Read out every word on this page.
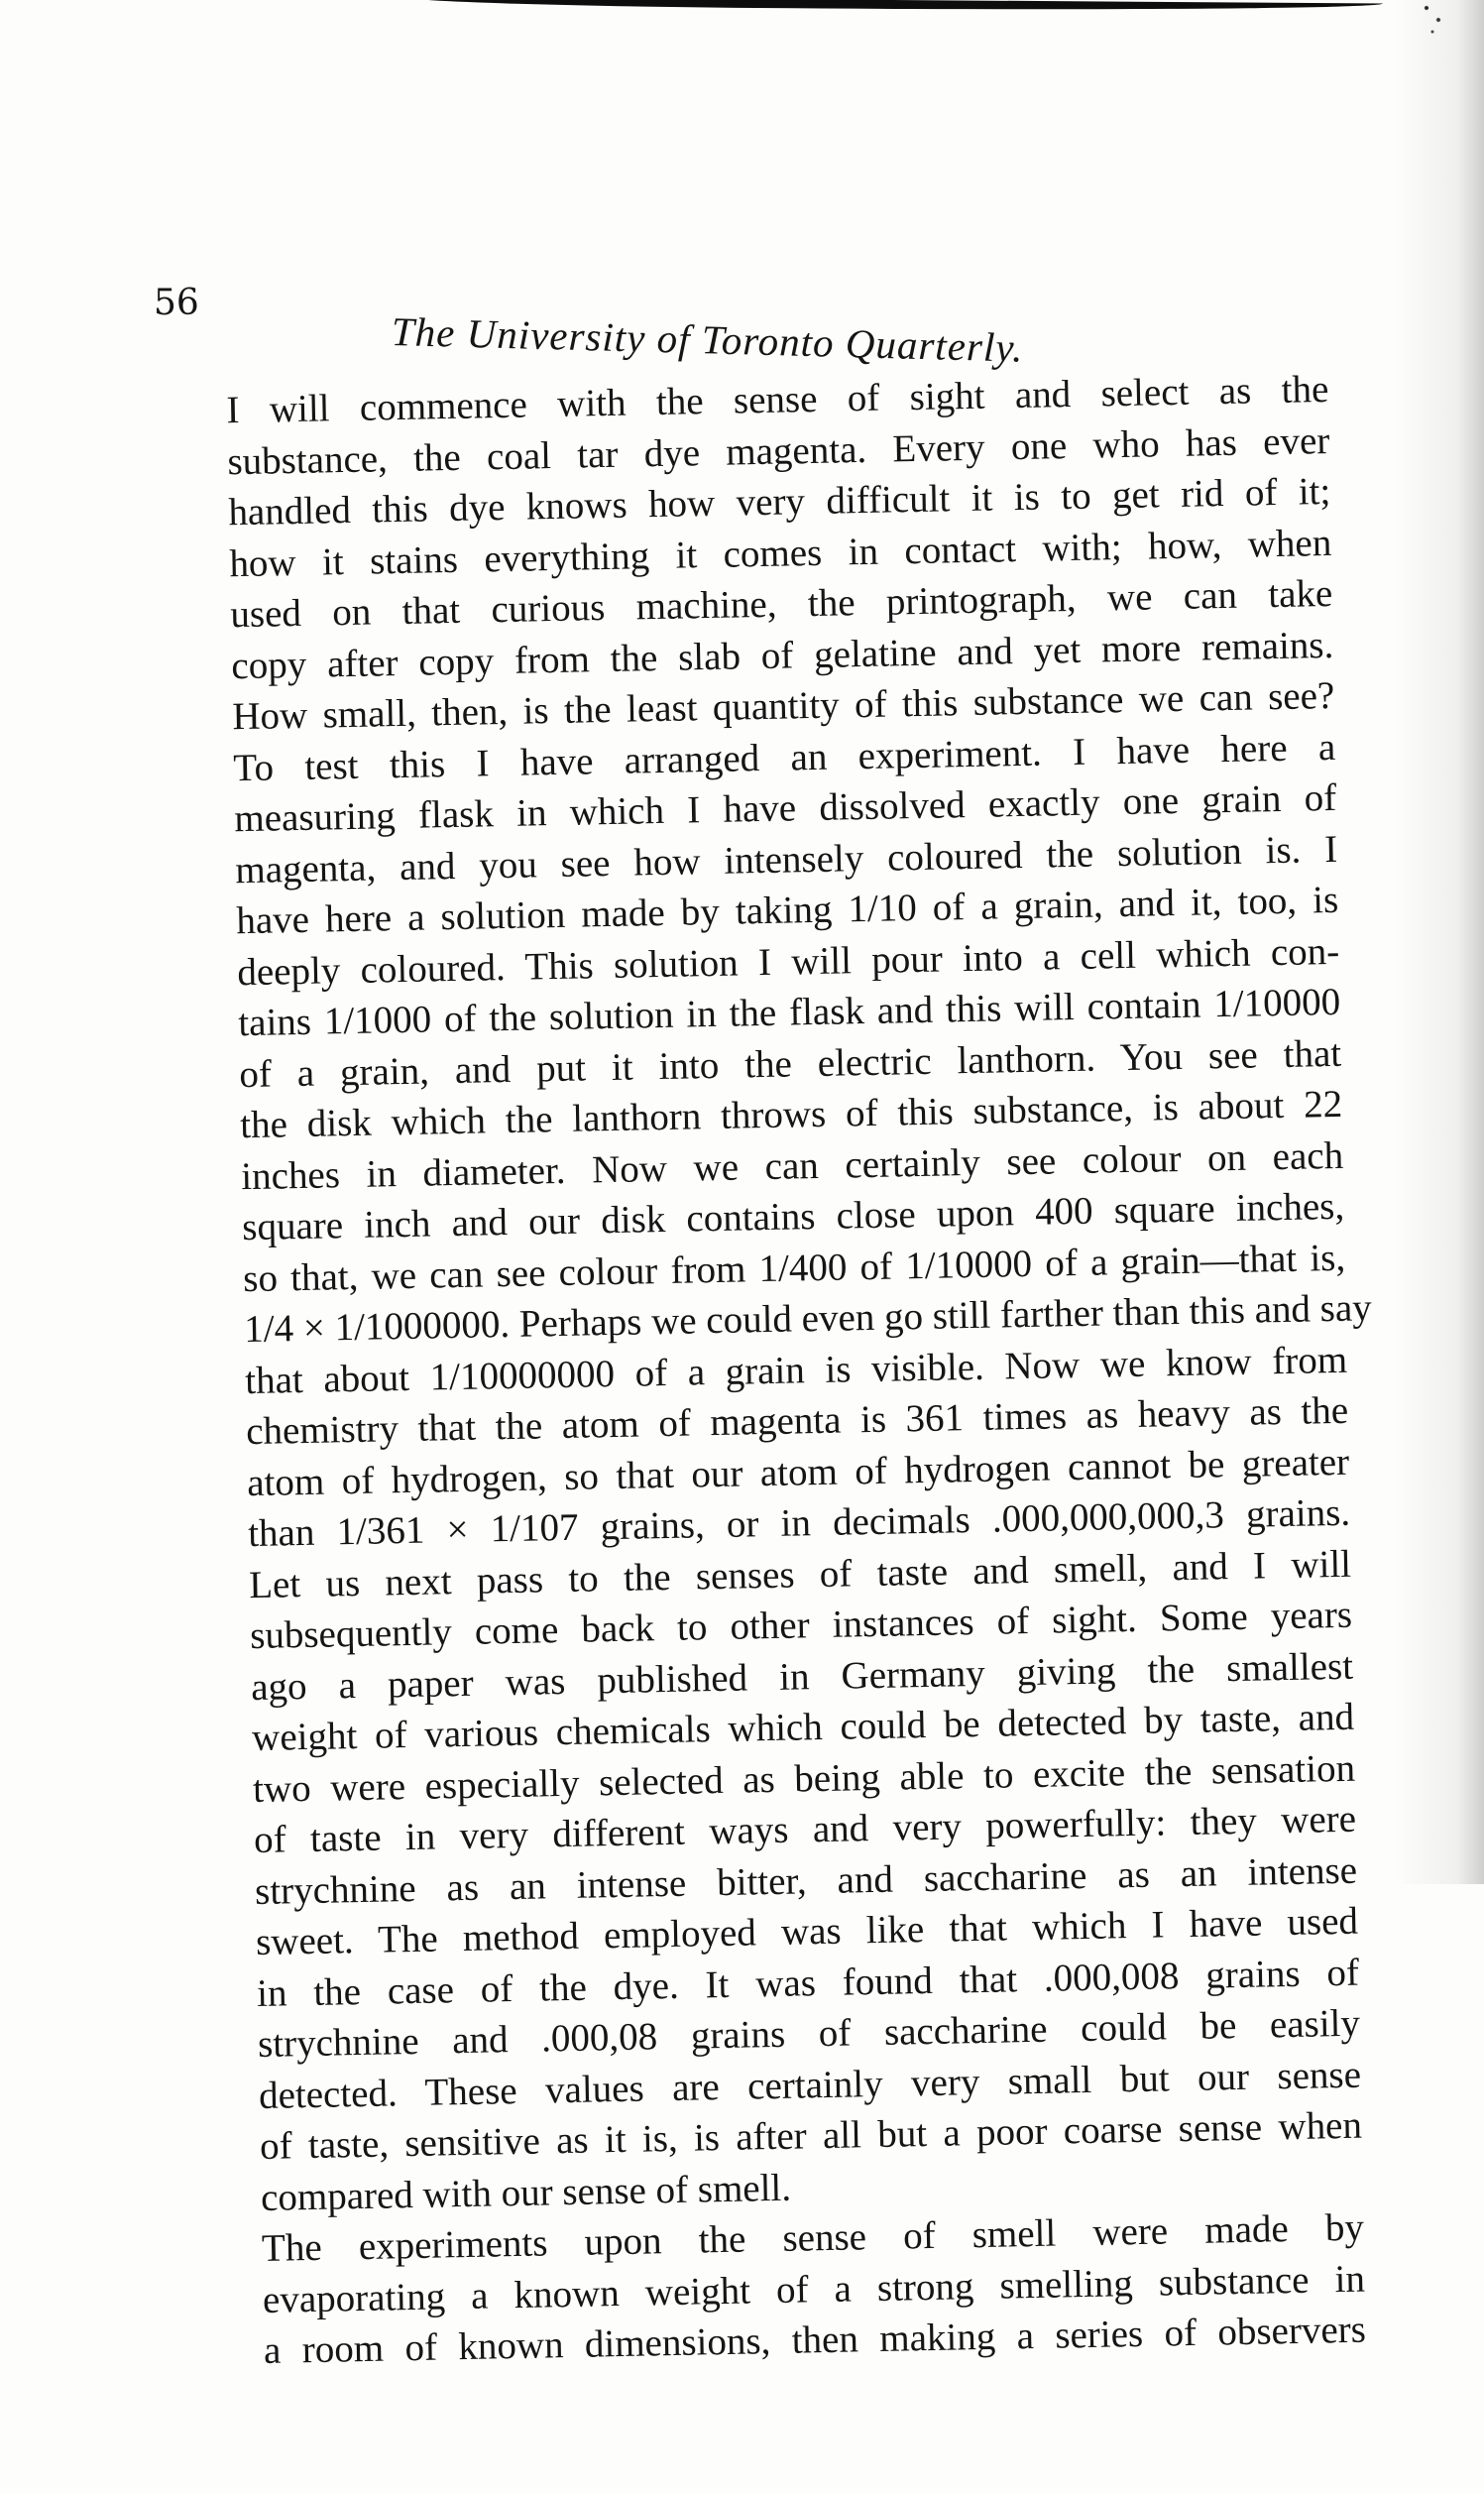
56
The University of Toronto Quarterly.
I will commence with the sense of sight and select as the
substance, the coal tar dye magenta. Every one who has ever
handled this dye knows how very difficult it is to get rid of it;
how it stains everything it comes in contact with; how, when
used on that curious machine, the printograph, we can take
copy after copy from the slab of gelatine and yet more remains.
How small, then, is the least quantity of this substance we can see?
To test this I have arranged an experiment. I have here a
measuring flask in which I have dissolved exactly one grain of
magenta, and you see how intensely coloured the solution is. I
have here a solution made by taking 1/10 of a grain, and it, too, is
deeply coloured. This solution I will pour into a cell which con-
tains 1/1000 of the solution in the flask and this will contain 1/10000
of a grain, and put it into the electric lanthorn. You see that
the disk which the lanthorn throws of this substance, is about 22
inches in diameter. Now we can certainly see colour on each
square inch and our disk contains close upon 400 square inches,
so that, we can see colour from 1/400 of 1/10000 of a grain—that is,
1/4 × 1/1000000. Perhaps we could even go still farther than this and say
that about 1/10000000 of a grain is visible. Now we know from
chemistry that the atom of magenta is 361 times as heavy as the
atom of hydrogen, so that our atom of hydrogen cannot be greater
than 1/361 × 1/107 grains, or in decimals .000,000,000,3 grains.
Let us next pass to the senses of taste and smell, and I will
subsequently come back to other instances of sight. Some years
ago a paper was published in Germany giving the smallest
weight of various chemicals which could be detected by taste, and
two were especially selected as being able to excite the sensation
of taste in very different ways and very powerfully: they were
strychnine as an intense bitter, and saccharine as an intense
sweet. The method employed was like that which I have used
in the case of the dye. It was found that .000,008 grains of
strychnine and .000,08 grains of saccharine could be easily
detected. These values are certainly very small but our sense
of taste, sensitive as it is, is after all but a poor coarse sense when
compared with our sense of smell.
The experiments upon the sense of smell were made by
evaporating a known weight of a strong smelling substance in
a room of known dimensions, then making a series of observers
